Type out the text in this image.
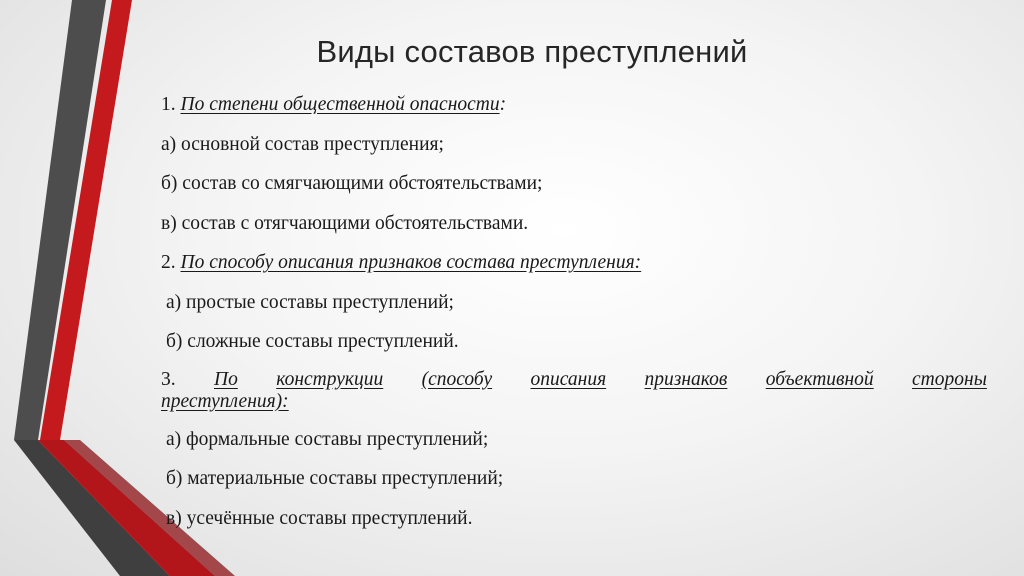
Виды составов преступлений
1. По степени общественной опасности:
а) основной состав преступления;
б) состав со смягчающими обстоятельствами;
в) состав с отягчающими обстоятельствами.
2. По способу описания признаков состава преступления:
а) простые составы преступлений;
б) сложные составы преступлений.
3. По конструкции (способу описания признаков объективной стороны
преступления):
а) формальные составы преступлений;
б) материальные составы преступлений;
в) усечённые составы преступлений.
